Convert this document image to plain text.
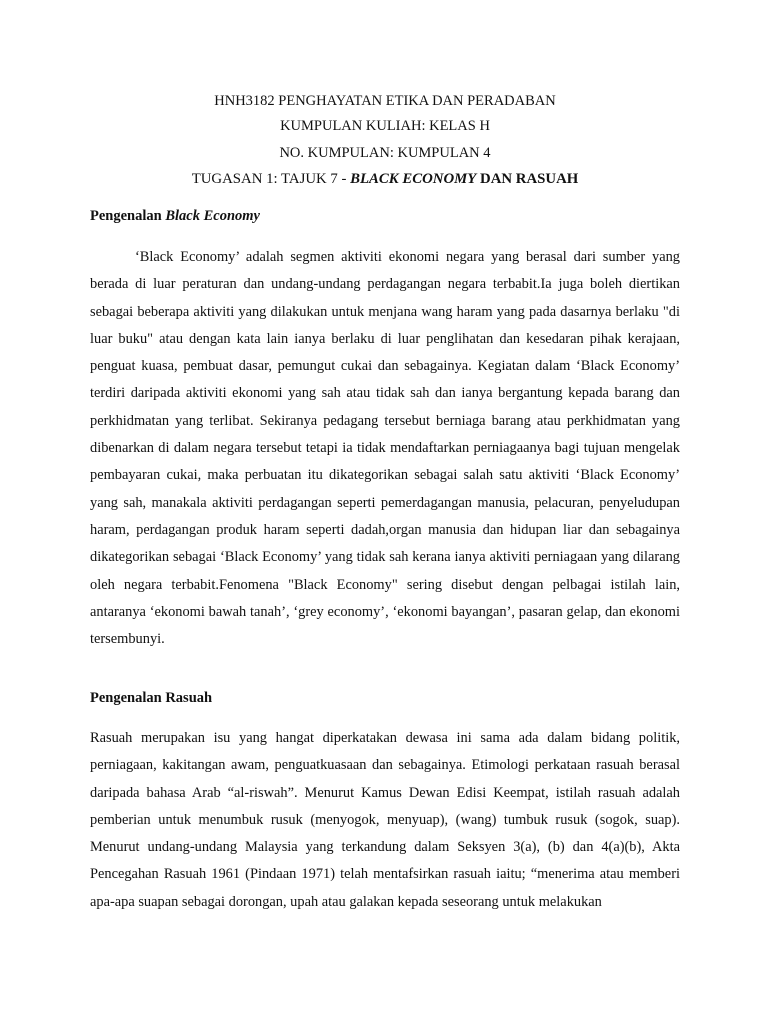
HNH3182 PENGHAYATAN ETIKA DAN PERADABAN
KUMPULAN KULIAH: KELAS H
NO. KUMPULAN: KUMPULAN 4
TUGASAN 1: TAJUK 7 - BLACK ECONOMY DAN RASUAH
Pengenalan Black Economy

‘Black Economy’ adalah segmen aktiviti ekonomi negara yang berasal dari sumber yang berada di luar peraturan dan undang-undang perdagangan negara terbabit.Ia juga boleh diertikan sebagai beberapa aktiviti yang dilakukan untuk menjana wang haram yang pada dasarnya berlaku "di luar buku" atau dengan kata lain ianya berlaku di luar penglihatan dan kesedaran pihak kerajaan, penguat kuasa, pembuat dasar, pemungut cukai dan sebagainya. Kegiatan dalam ‘Black Economy’ terdiri daripada aktiviti ekonomi yang sah atau tidak sah dan ianya bergantung kepada barang dan perkhidmatan yang terlibat. Sekiranya pedagang tersebut berniaga barang atau perkhidmatan yang dibenarkan di dalam negara tersebut tetapi ia tidak mendaftarkan perniagaanya bagi tujuan mengelak pembayaran cukai, maka perbuatan itu dikategorikan sebagai salah satu aktiviti ‘Black Economy’ yang sah, manakala aktiviti perdagangan seperti pemerdagangan manusia, pelacuran, penyeludupan haram, perdagangan produk haram seperti dadah,organ manusia dan hidupan liar dan sebagainya dikategorikan sebagai ‘Black Economy’ yang tidak sah kerana ianya aktiviti perniagaan yang dilarang oleh negara terbabit.Fenomena "Black Economy" sering disebut dengan pelbagai istilah lain, antaranya ‘ekonomi bawah tanah’, ‘grey economy’, ‘ekonomi bayangan’, pasaran gelap, dan ekonomi tersembunyi.

Pengenalan Rasuah

Rasuah merupakan isu yang hangat diperkatakan dewasa ini sama ada dalam bidang politik, perniagaan, kakitangan awam, penguatkuasaan dan sebagainya. Etimologi perkataan rasuah berasal daripada bahasa Arab “al-riswah”. Menurut Kamus Dewan Edisi Keempat, istilah rasuah adalah pemberian untuk menumbuk rusuk (menyogok, menyuap), (wang) tumbuk rusuk (sogok, suap). Menurut undang-undang Malaysia yang terkandung dalam Seksyen 3(a), (b) dan 4(a)(b), Akta Pencegahan Rasuah 1961 (Pindaan 1971) telah mentafsirkan rasuah iaitu; “menerima atau memberi apa-apa suapan sebagai dorongan, upah atau galakan kepada seseorang untuk melakukan
